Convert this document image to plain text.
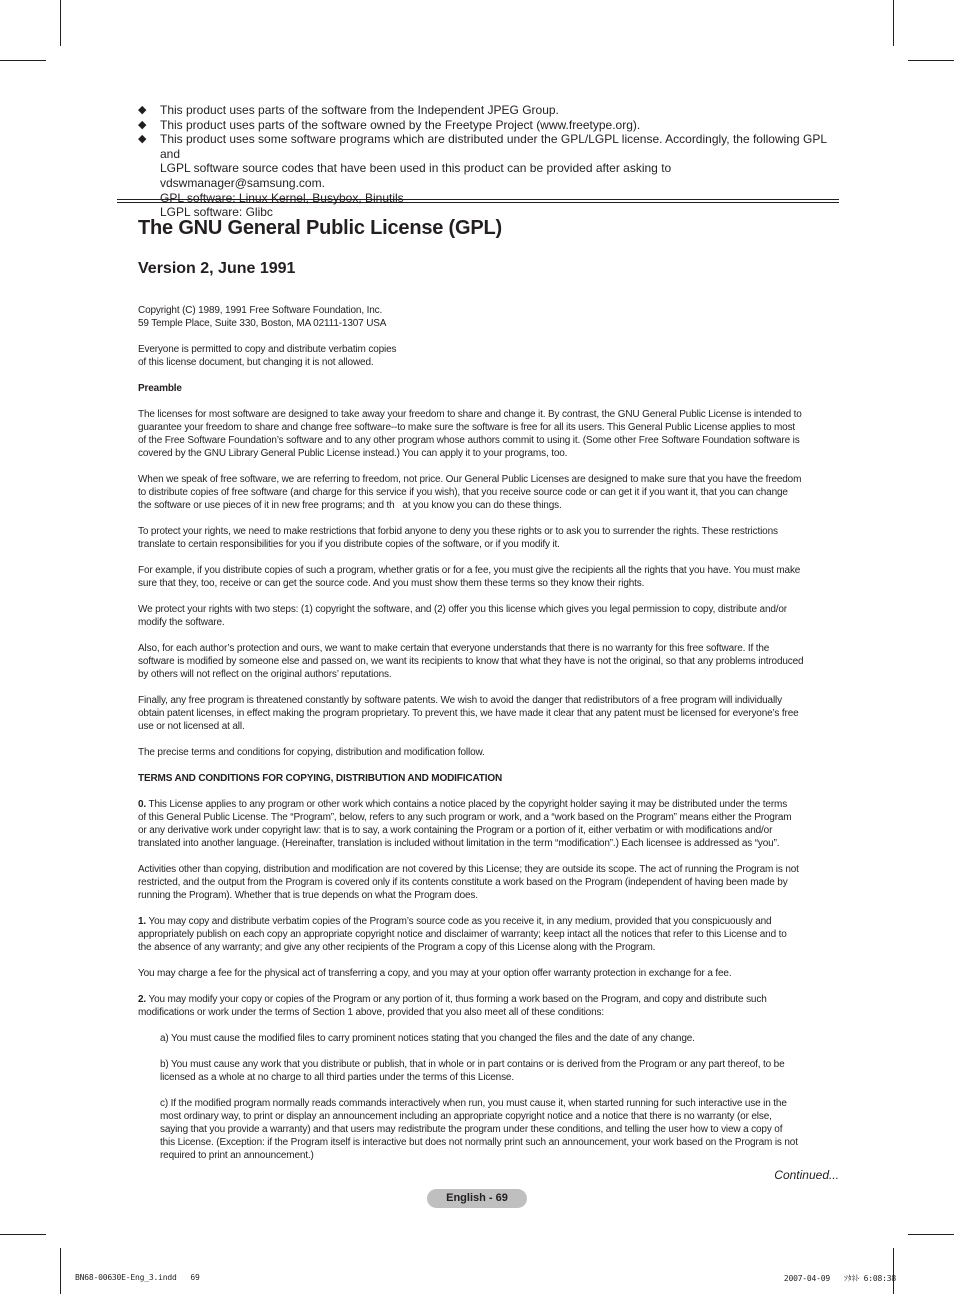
◆ This product uses parts of the software from the Independent JPEG Group.
◆ This product uses parts of the software owned by the Freetype Project (www.freetype.org).
◆ This product uses some software programs which are distributed under the GPL/LGPL license. Accordingly, the following GPL and
LGPL software source codes that have been used in this product can be provided after asking to vdswmanager@samsung.com.
GPL software: Linux Kernel, Busybox, Binutils
LGPL software: Glibc
The GNU General Public License (GPL)
Version 2, June 1991

Copyright (C) 1989, 1991 Free Software Foundation, Inc.
59 Temple Place, Suite 330, Boston, MA 02111-1307 USA

Everyone is permitted to copy and distribute verbatim copies
of this license document, but changing it is not allowed.

Preamble

The licenses for most software are designed to take away your freedom to share and change it. By contrast, the GNU General Public License is intended to
guarantee your freedom to share and change free software--to make sure the software is free for all its users. This General Public License applies to most
of the Free Software Foundation’s software and to any other program whose authors commit to using it. (Some other Free Software Foundation software is
covered by the GNU Library General Public License instead.) You can apply it to your programs, too.

When we speak of free software, we are referring to freedom, not price. Our General Public Licenses are designed to make sure that you have the freedom
to distribute copies of free software (and charge for this service if you wish), that you receive source code or can get it if you want it, that you can change
the software or use pieces of it in new free programs; and th   at you know you can do these things.

To protect your rights, we need to make restrictions that forbid anyone to deny you these rights or to ask you to surrender the rights. These restrictions
translate to certain responsibilities for you if you distribute copies of the software, or if you modify it.

For example, if you distribute copies of such a program, whether gratis or for a fee, you must give the recipients all the rights that you have. You must make
sure that they, too, receive or can get the source code. And you must show them these terms so they know their rights.

We protect your rights with two steps: (1) copyright the software, and (2) offer you this license which gives you legal permission to copy, distribute and/or
modify the software.

Also, for each author’s protection and ours, we want to make certain that everyone understands that there is no warranty for this free software. If the
software is modified by someone else and passed on, we want its recipients to know that what they have is not the original, so that any problems introduced
by others will not reflect on the original authors’ reputations.

Finally, any free program is threatened constantly by software patents. We wish to avoid the danger that redistributors of a free program will individually
obtain patent licenses, in effect making the program proprietary. To prevent this, we have made it clear that any patent must be licensed for everyone’s free
use or not licensed at all.

The precise terms and conditions for copying, distribution and modification follow.

TERMS AND CONDITIONS FOR COPYING, DISTRIBUTION AND MODIFICATION

0. This License applies to any program or other work which contains a notice placed by the copyright holder saying it may be distributed under the terms
of this General Public License. The “Program”, below, refers to any such program or work, and a “work based on the Program” means either the Program
or any derivative work under copyright law: that is to say, a work containing the Program or a portion of it, either verbatim or with modifications and/or
translated into another language. (Hereinafter, translation is included without limitation in the term “modification”.) Each licensee is addressed as “you”.

Activities other than copying, distribution and modification are not covered by this License; they are outside its scope. The act of running the Program is not
restricted, and the output from the Program is covered only if its contents constitute a work based on the Program (independent of having been made by
running the Program). Whether that is true depends on what the Program does.

1. You may copy and distribute verbatim copies of the Program’s source code as you receive it, in any medium, provided that you conspicuously and
appropriately publish on each copy an appropriate copyright notice and disclaimer of warranty; keep intact all the notices that refer to this License and to
the absence of any warranty; and give any other recipients of the Program a copy of this License along with the Program.

You may charge a fee for the physical act of transferring a copy, and you may at your option offer warranty protection in exchange for a fee.

2. You may modify your copy or copies of the Program or any portion of it, thus forming a work based on the Program, and copy and distribute such
modifications or work under the terms of Section 1 above, provided that you also meet all of these conditions:

a) You must cause the modified files to carry prominent notices stating that you changed the files and the date of any change.

b) You must cause any work that you distribute or publish, that in whole or in part contains or is derived from the Program or any part thereof, to be
licensed as a whole at no charge to all third parties under the terms of this License.

c) If the modified program normally reads commands interactively when run, you must cause it, when started running for such interactive use in the
most ordinary way, to print or display an announcement including an appropriate copyright notice and a notice that there is no warranty (or else,
saying that you provide a warranty) and that users may redistribute the program under these conditions, and telling the user how to view a copy of
this License. (Exception: if the Program itself is interactive but does not normally print such an announcement, your work based on the Program is not
required to print an announcement.)

Continued...
English - 69
BN68-00630E-Eng_3.indd   69	2007-04-09   ｿﾀﾈﾄ 6:08:38
